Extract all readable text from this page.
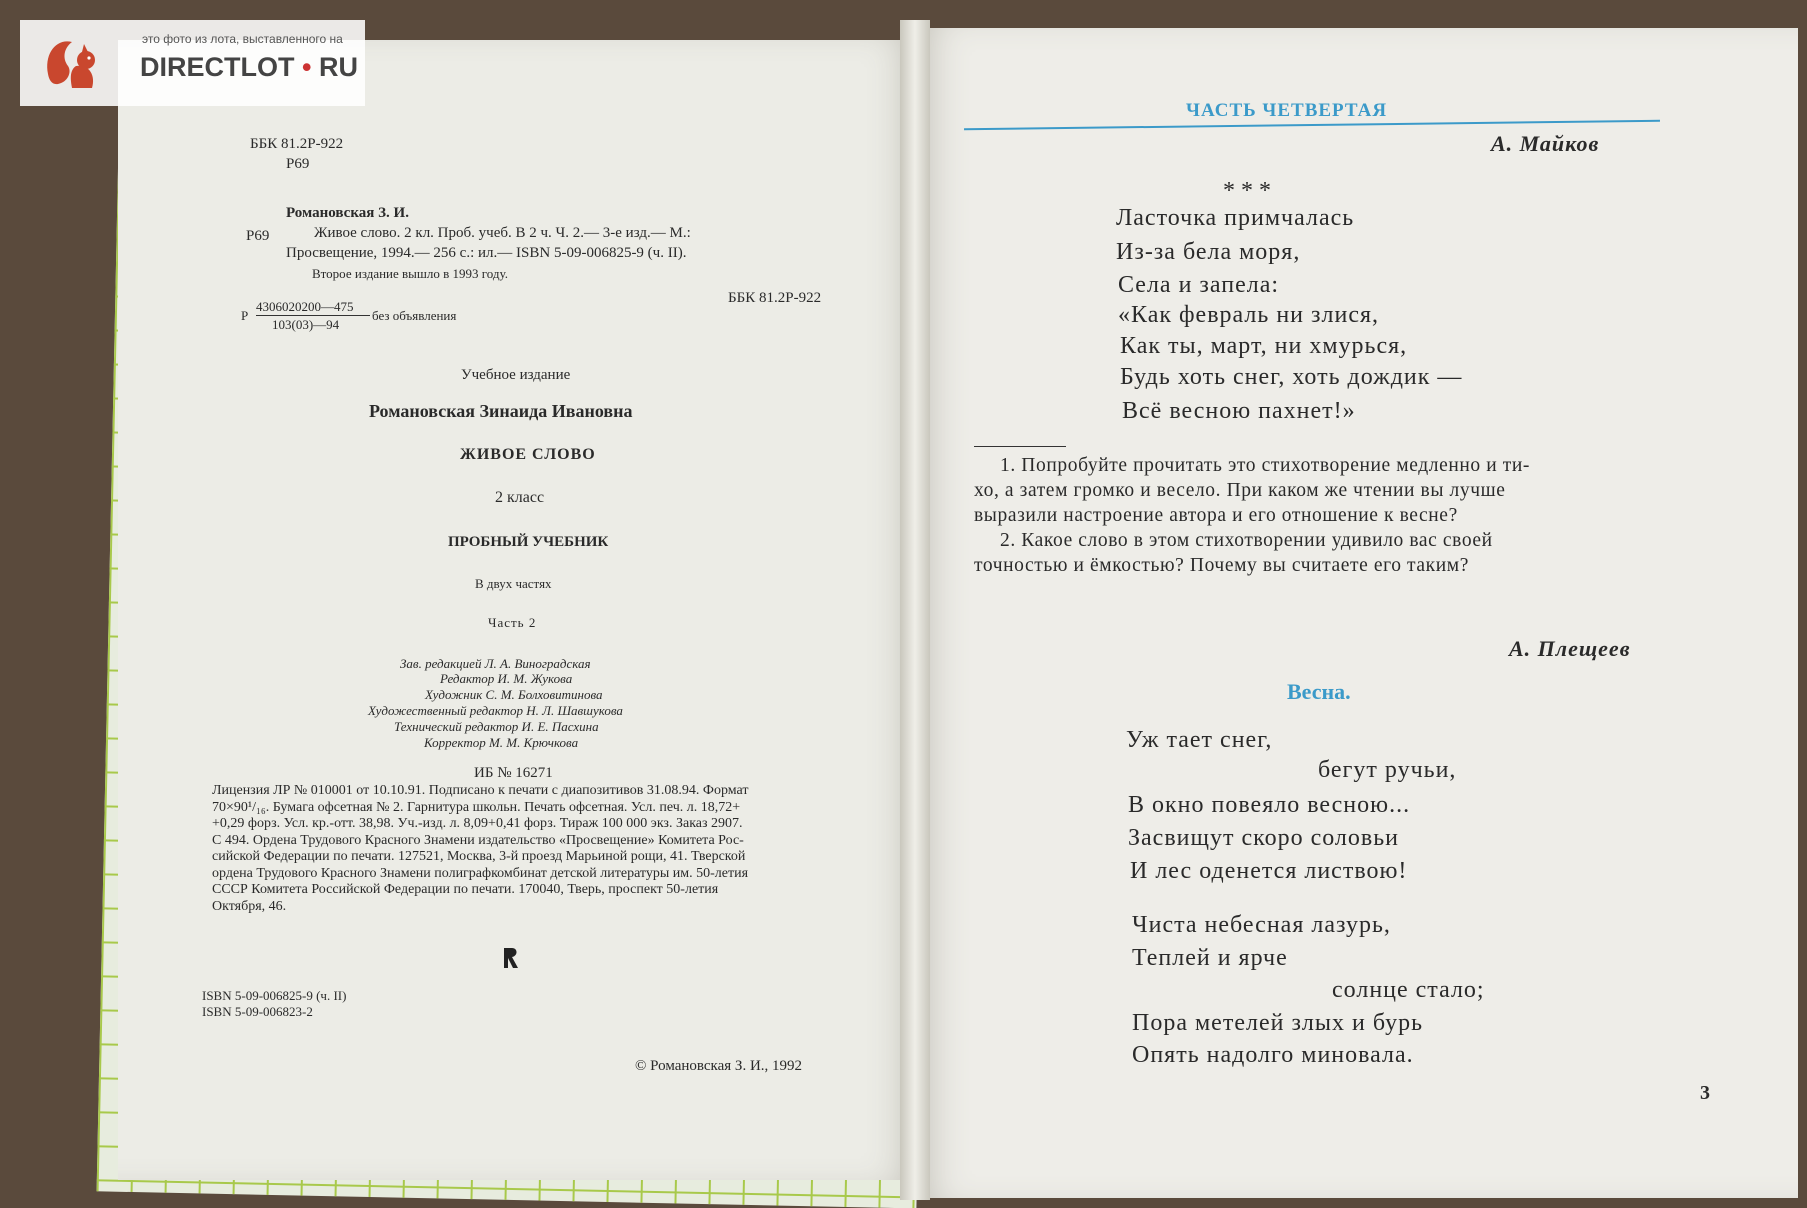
ББК 81.2Р-922
Р69
Романовская З. И.
Р69	Живое слово. 2 кл. Проб. учеб. В 2 ч. Ч. 2.— 3-е изд.— М.:
Просвещение, 1994.— 256 с.: ил.— ISBN 5-09-006825-9 (ч. II).
Второе издание вышло в 1993 году.
Р
4306020200—475
103(03)—94
без объявления
ББК 81.2Р-922
Учебное издание
Романовская Зинаида Ивановна
ЖИВОЕ СЛОВО
2 класс
ПРОБНЫЙ УЧЕБНИК
В двух частях
Часть 2
Зав. редакцией Л. А. Виноградская
Редактор И. М. Жукова
Художник С. М. Болховитинова
Художественный редактор Н. Л. Шавшукова
Технический редактор И. Е. Пасхина
Корректор М. М. Крючкова
ИБ № 16271
Лицензия ЛР № 010001 от 10.10.91. Подписано к печати с диапозитивов 31.08.94. Формат
70×90¹/₁₆. Бумага офсетная № 2. Гарнитура школьн. Печать офсетная. Усл. печ. л. 18,72+
+0,29 форз. Усл. кр.-отт. 38,98. Уч.-изд. л. 8,09+0,41 форз. Тираж 100 000 экз. Заказ 2907.
С 494. Ордена Трудового Красного Знамени издательство «Просвещение» Комитета Рос-
сийской Федерации по печати. 127521, Москва, 3-й проезд Марьиной рощи, 41. Тверской
ордена Трудового Красного Знамени полиграфкомбинат детской литературы им. 50-летия
СССР Комитета Российской Федерации по печати. 170040, Тверь, проспект 50-летия
Октября, 46.
ISBN 5-09-006825-9 (ч. II)
ISBN 5-09-006823-2
© Романовская З. И., 1992
ЧАСТЬ ЧЕТВЕРТАЯ
А. Майков
* * *
Ласточка примчалась
Из-за бела моря,
Села и запела:
«Как февраль ни злися,
Как ты, март, ни хмурься,
Будь хоть снег, хоть дождик —
Всё весною пахнет!»
1. Попробуйте прочитать это стихотворение медленно и ти-
хо, а затем громко и весело. При каком же чтении вы лучше
выразили настроение автора и его отношение к весне?
2. Какое слово в этом стихотворении удивило вас своей
точностью и ёмкостью? Почему вы считаете его таким?
А. Плещеев
Весна.
Уж тает снег,
бегут ручьи,
В окно повеяло весною...
Засвищут скоро соловьи
И лес оденется листвою!
Чиста небесная лазурь,
Теплей и ярче
солнце стало;
Пора метелей злых и бурь
Опять надолго миновала.
3
это фото из лота, выставленного на
DIRECTLOT • RU
